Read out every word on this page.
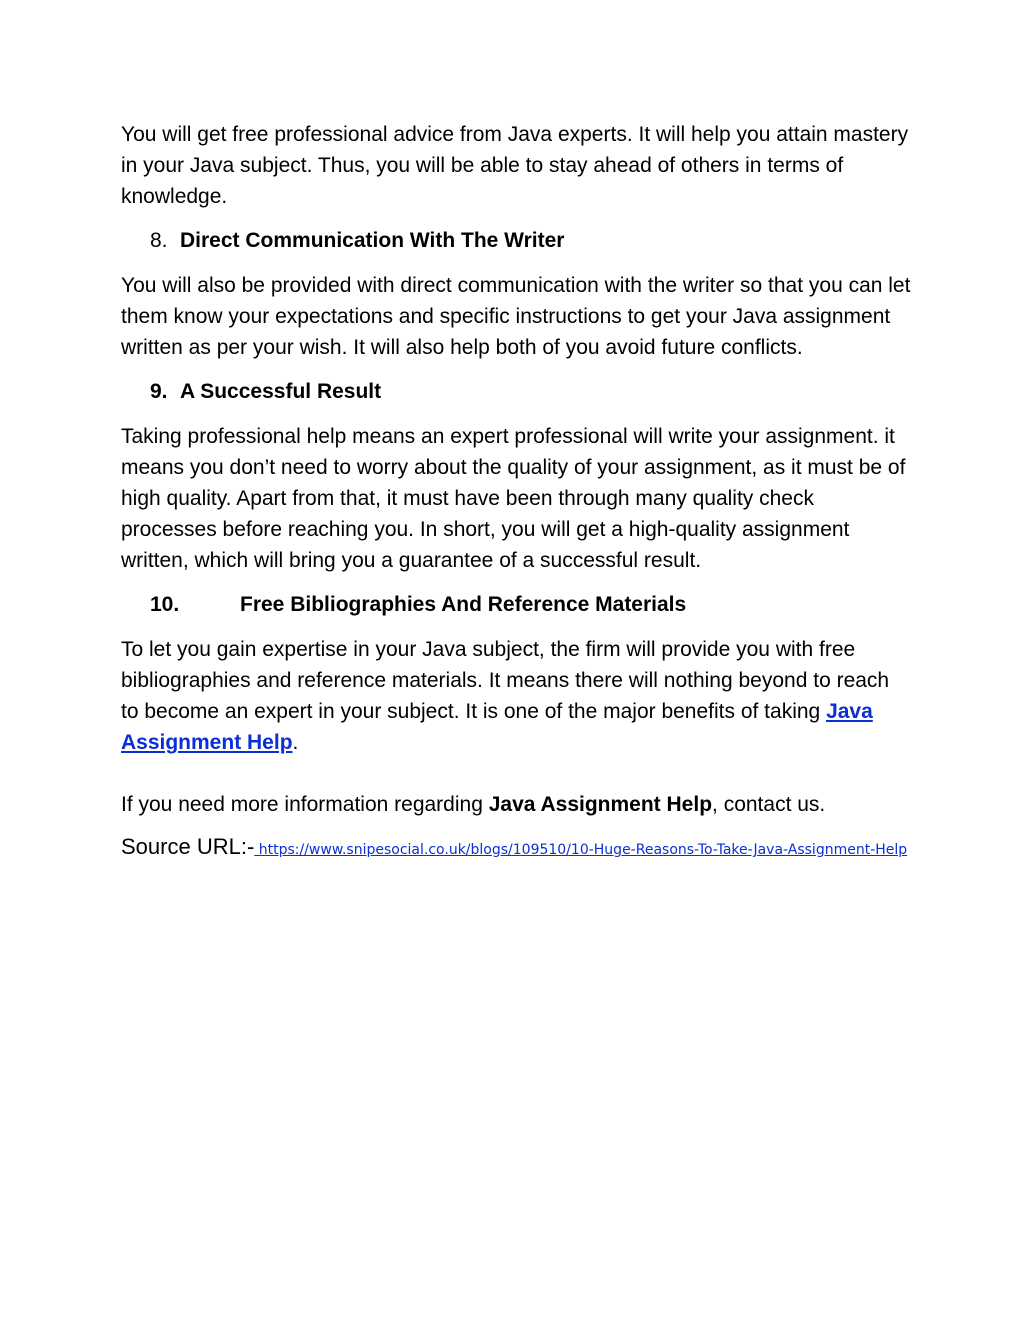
You will get free professional advice from Java experts. It will help you attain mastery in your Java subject. Thus, you will be able to stay ahead of others in terms of knowledge.

8. Direct Communication With The Writer

You will also be provided with direct communication with the writer so that you can let them know your expectations and specific instructions to get your Java assignment written as per your wish. It will also help both of you avoid future conflicts.

9. A Successful Result

Taking professional help means an expert professional will write your assignment. it means you don’t need to worry about the quality of your assignment, as it must be of high quality. Apart from that, it must have been through many quality check processes before reaching you. In short, you will get a high-quality assignment written, which will bring you a guarantee of a successful result.

10.	Free Bibliographies And Reference Materials

To let you gain expertise in your Java subject, the firm will provide you with free bibliographies and reference materials. It means there will nothing beyond to reach to become an expert in your subject. It is one of the major benefits of taking Java Assignment Help.

If you need more information regarding Java Assignment Help, contact us.

Source URL:- https://www.snipesocial.co.uk/blogs/109510/10-Huge-Reasons-To-Take-Java-Assignment-Help
